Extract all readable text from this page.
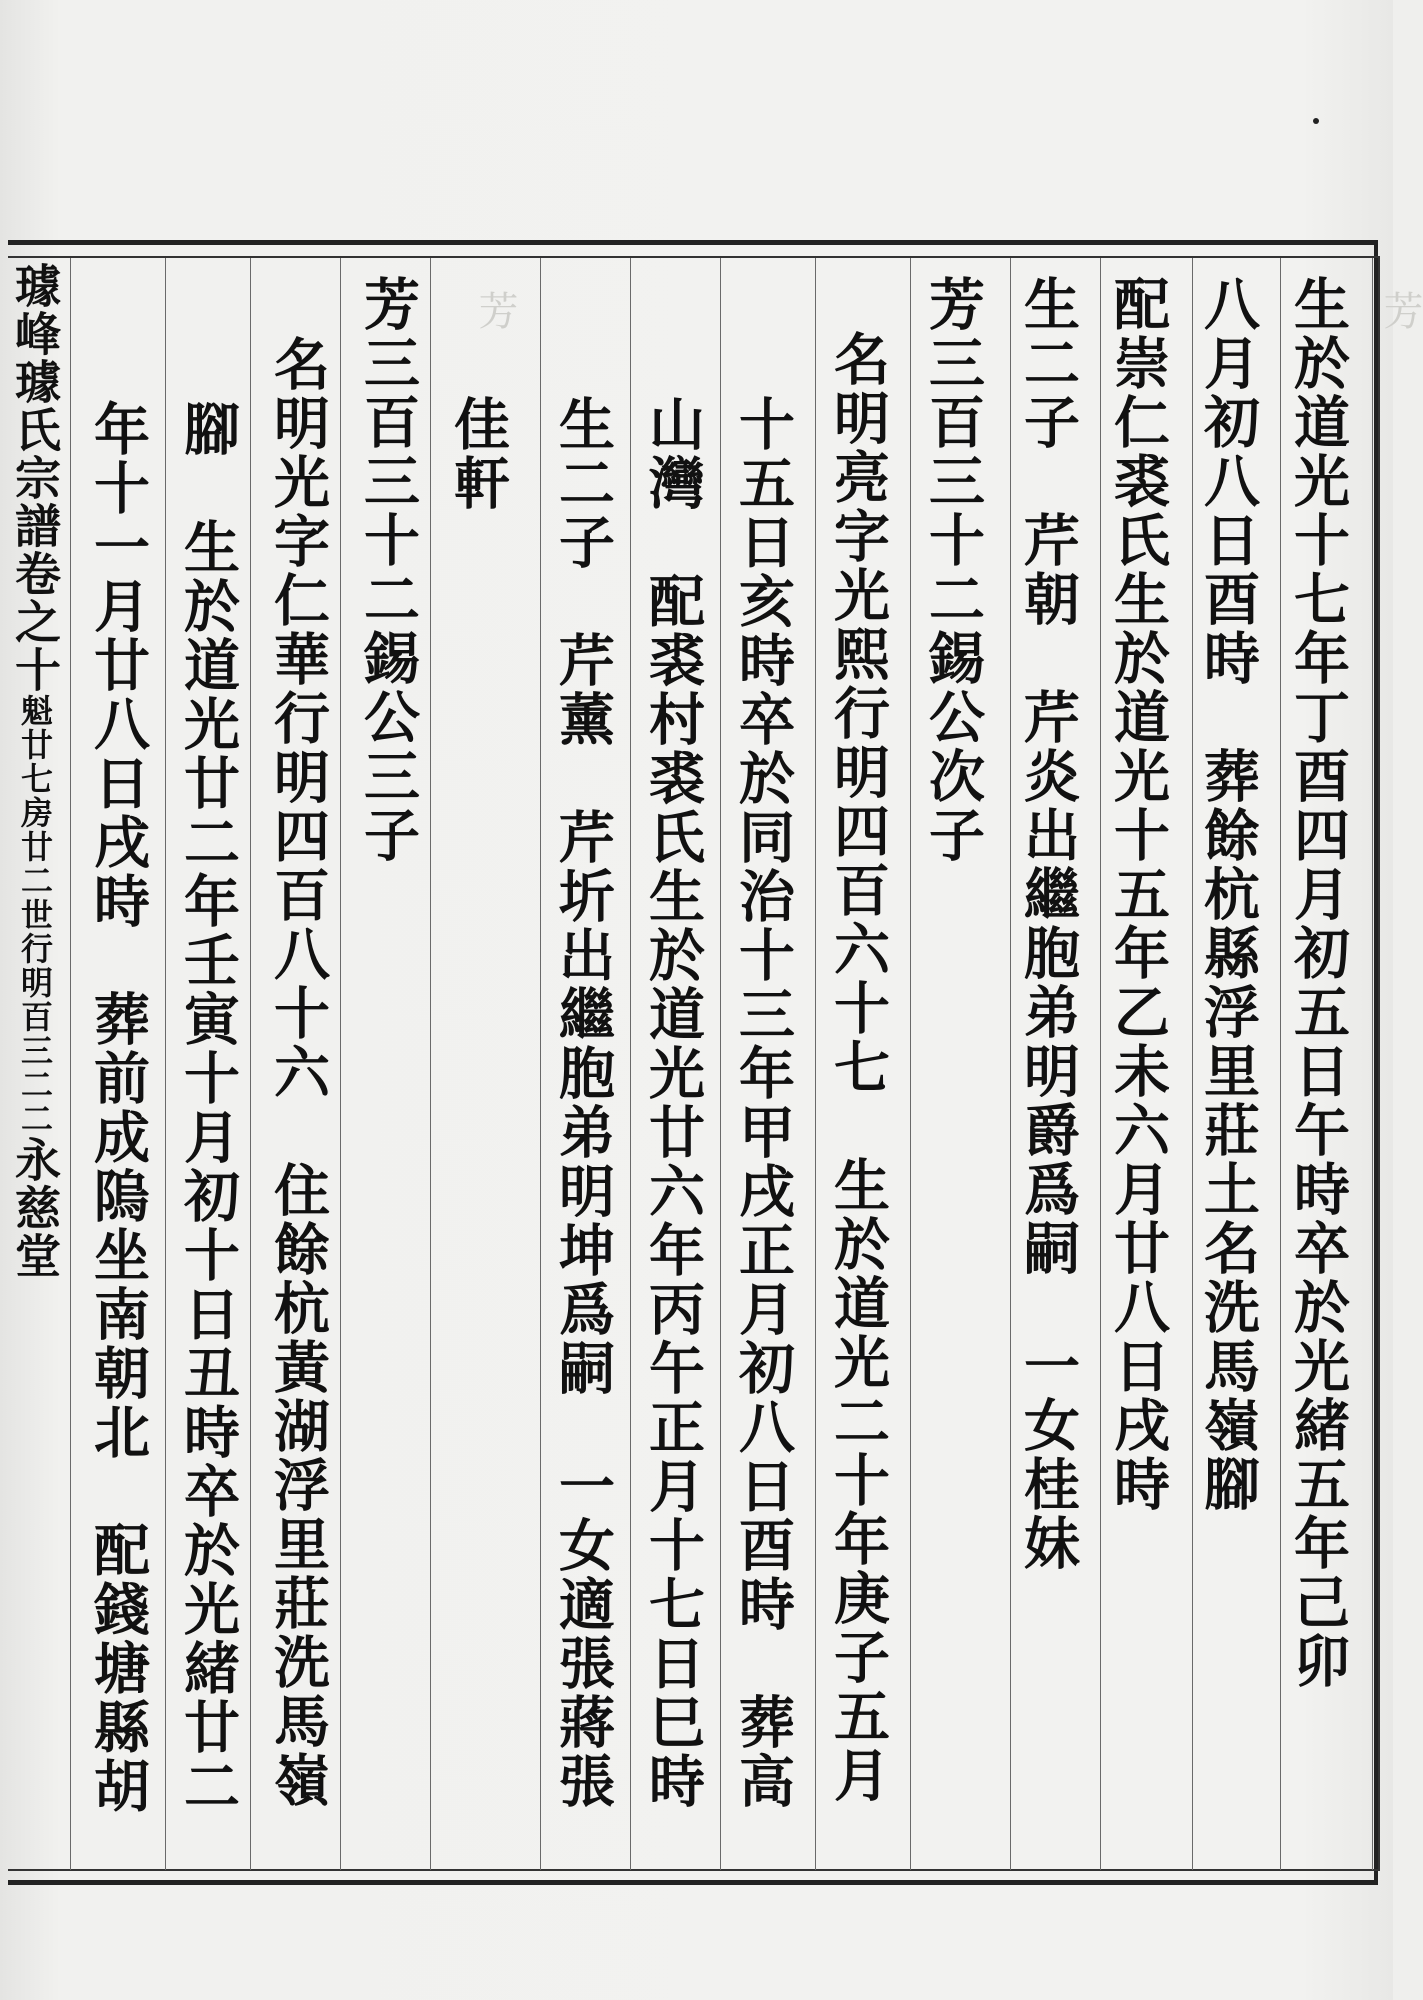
芳
芳	生於道光十七年丁酉四月初五日午時卒於光緒五年己卯
八月初八日酉時　葬餘杭縣浮里莊土名洗馬嶺腳
配崇仁裘氏生於道光十五年乙未六月廿八日戌時
生二子　芹朝　芹炎出繼胞弟明爵爲嗣　一女桂妹
芳三百三十二錫公次子
名明亮字光熙行明四百六十七　生於道光二十年庚子五月
十五日亥時卒於同治十三年甲戌正月初八日酉時　葬高
山灣　配裘村裘氏生於道光廿六年丙午正月十七日巳時
生二子　芹薰　芹圻出繼胞弟明坤爲嗣　一女適張蔣張
佳軒
芳三百三十二錫公三子
名明光字仁華行明四百八十六　住餘杭黃湖浮里莊洗馬嶺
腳　生於道光廿二年壬寅十月初十日丑時卒於光緒廿二
年十一月廿八日戌時　葬前成隖坐南朝北　配錢塘縣胡
璩峰璩氏宗譜卷之十魁廿七房廿二世行明百三二二永慈堂
